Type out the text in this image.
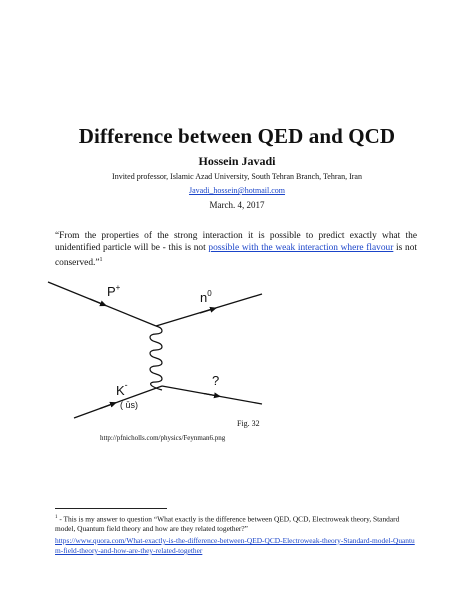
Difference between QED and QCD
Hossein Javadi
Invited professor, Islamic Azad University, South Tehran Branch, Tehran, Iran
Javadi_hossein@hotmail.com
March. 4, 2017
“From the properties of the strong interaction it is possible to predict exactly what the unidentified particle will be - this is not possible with the weak interaction where flavour is not conserved.”$^1$
P+
$n^0$
K-
( ūs)
?
Fig. 32
http://pfnicholls.com/physics/Feynman6.png
$^1$ - This is my answer to question “What exactly is the difference between QED, QCD, Electroweak theory, Standard model, Quantum field theory and how are they related together?”
https://www.quora.com/What-exactly-is-the-difference-between-QED-QCD-Electroweak-theory-Standard-model-Quantum-field-theory-and-how-are-they-related-together
